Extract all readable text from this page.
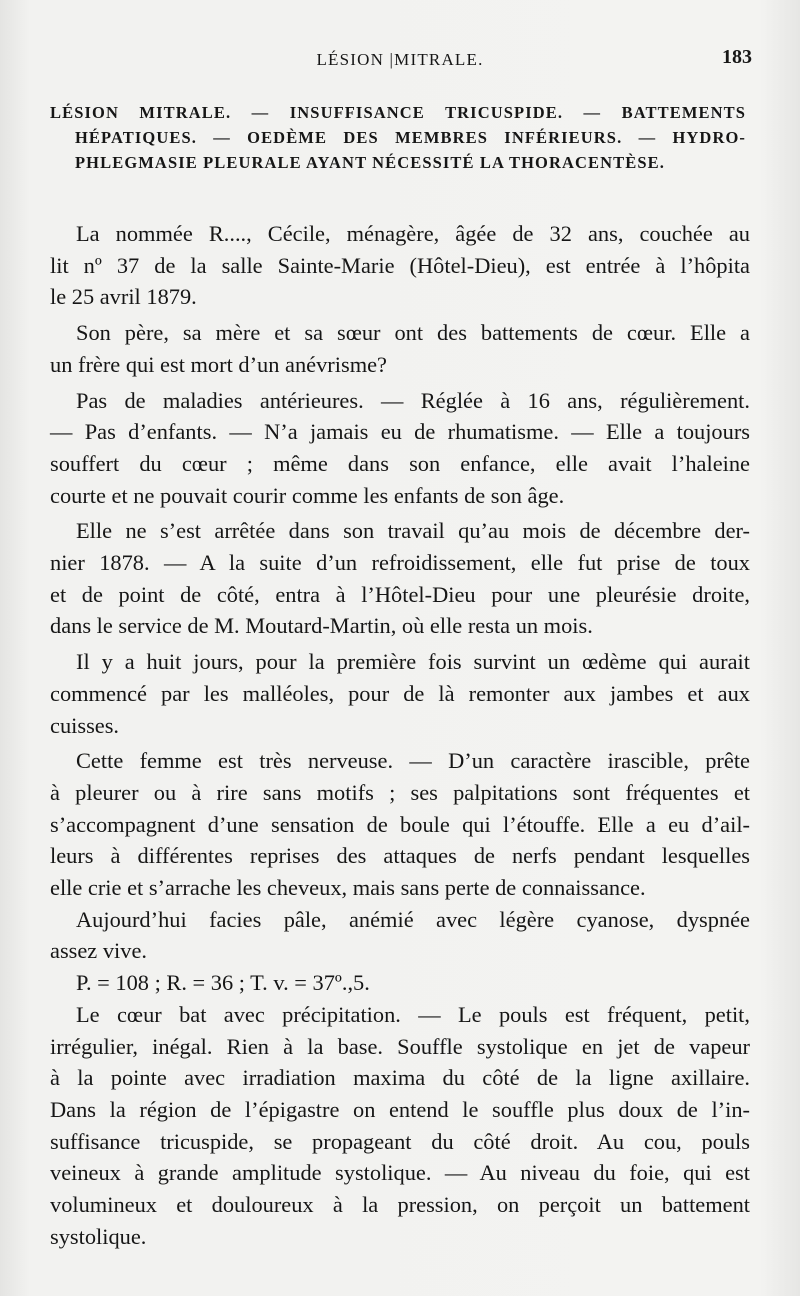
LÉSION |MITRALE.	183
LÉSION MITRALE. — INSUFFISANCE TRICUSPIDE. — BATTEMENTS
HÉPATIQUES. — OEDÈME DES MEMBRES INFÉRIEURS. — HYDRO-
PHLEGMASIE PLEURALE AYANT NÉCESSITÉ LA THORACENTÈSE.
La nommée R...., Cécile, ménagère, âgée de 32 ans, couchée au
lit nº 37 de la salle Sainte-Marie (Hôtel-Dieu), est entrée à l’hôpita
le 25 avril 1879.
Son père, sa mère et sa sœur ont des battements de cœur. Elle a
un frère qui est mort d’un anévrisme?
Pas de maladies antérieures. — Réglée à 16 ans, régulièrement.
— Pas d’enfants. — N’a jamais eu de rhumatisme. — Elle a toujours
souffert du cœur ; même dans son enfance, elle avait l’haleine
courte et ne pouvait courir comme les enfants de son âge.
Elle ne s’est arrêtée dans son travail qu’au mois de décembre der-
nier 1878. — A la suite d’un refroidissement, elle fut prise de toux
et de point de côté, entra à l’Hôtel-Dieu pour une pleurésie droite,
dans le service de M. Moutard-Martin, où elle resta un mois.
Il y a huit jours, pour la première fois survint un œdème qui aurait
commencé par les malléoles, pour de là remonter aux jambes et aux
cuisses.
Cette femme est très nerveuse. — D’un caractère irascible, prête
à pleurer ou à rire sans motifs ; ses palpitations sont fréquentes et
s’accompagnent d’une sensation de boule qui l’étouffe. Elle a eu d’ail-
leurs à différentes reprises des attaques de nerfs pendant lesquelles
elle crie et s’arrache les cheveux, mais sans perte de connaissance.
Aujourd’hui facies pâle, anémié avec légère cyanose, dyspnée
assez vive.
P. = 108 ; R. = 36 ; T. v. = 37º.,5.
Le cœur bat avec précipitation. — Le pouls est fréquent, petit,
irrégulier, inégal. Rien à la base. Souffle systolique en jet de vapeur
à la pointe avec irradiation maxima du côté de la ligne axillaire.
Dans la région de l’épigastre on entend le souffle plus doux de l’in-
suffisance tricuspide, se propageant du côté droit. Au cou, pouls
veineux à grande amplitude systolique. — Au niveau du foie, qui est
volumineux et douloureux à la pression, on perçoit un battement
systolique.
